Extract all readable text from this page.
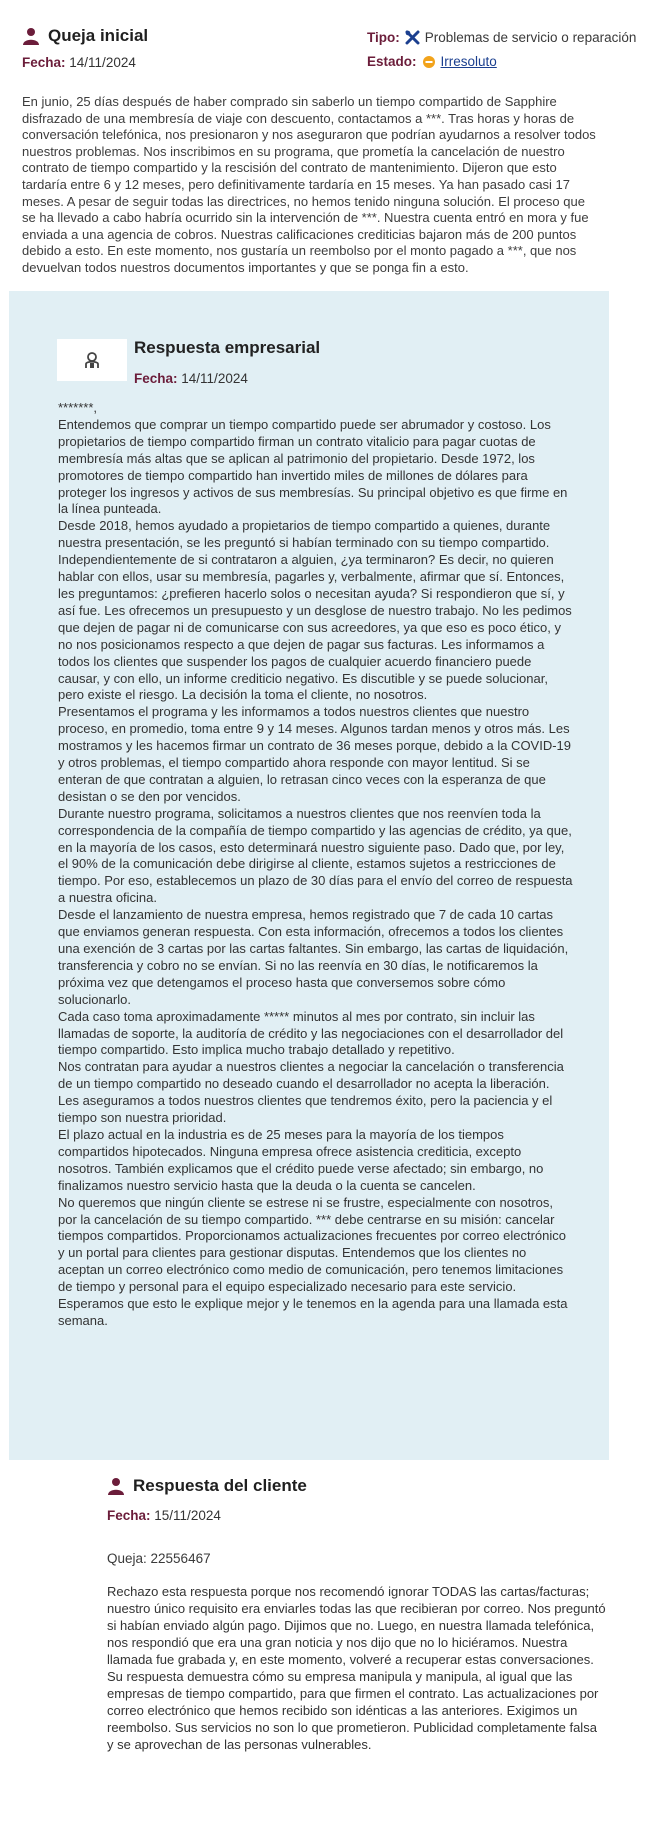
Queja inicial
Fecha: 14/11/2024
Tipo: Problemas de servicio o reparación
Estado: Irresoluto
En junio, 25 días después de haber comprado sin saberlo un tiempo compartido de Sapphire disfrazado de una membresía de viaje con descuento, contactamos a ***. Tras horas y horas de conversación telefónica, nos presionaron y nos aseguraron que podrían ayudarnos a resolver todos nuestros problemas. Nos inscribimos en su programa, que prometía la cancelación de nuestro contrato de tiempo compartido y la rescisión del contrato de mantenimiento. Dijeron que esto tardaría entre 6 y 12 meses, pero definitivamente tardaría en 15 meses. Ya han pasado casi 17 meses. A pesar de seguir todas las directrices, no hemos tenido ninguna solución. El proceso que se ha llevado a cabo habría ocurrido sin la intervención de ***. Nuestra cuenta entró en mora y fue enviada a una agencia de cobros. Nuestras calificaciones crediticias bajaron más de 200 puntos debido a esto. En este momento, nos gustaría un reembolso por el monto pagado a ***, que nos devuelvan todos nuestros documentos importantes y que se ponga fin a esto.
Respuesta empresarial
Fecha: 14/11/2024

*******,

Entendemos que comprar un tiempo compartido puede ser abrumador y costoso. Los propietarios de tiempo compartido firman un contrato vitalicio para pagar cuotas de membresía más altas que se aplican al patrimonio del propietario. Desde 1972, los promotores de tiempo compartido han invertido miles de millones de dólares para proteger los ingresos y activos de sus membresías. Su principal objetivo es que firme en la línea punteada.

Desde 2018, hemos ayudado a propietarios de tiempo compartido a quienes, durante nuestra presentación, se les preguntó si habían terminado con su tiempo compartido. Independientemente de si contrataron a alguien, ¿ya terminaron? Es decir, no quieren hablar con ellos, usar su membresía, pagarles y, verbalmente, afirmar que sí. Entonces, les preguntamos: ¿prefieren hacerlo solos o necesitan ayuda? Si respondieron que sí, y así fue. Les ofrecemos un presupuesto y un desglose de nuestro trabajo. No les pedimos que dejen de pagar ni de comunicarse con sus acreedores, ya que eso es poco ético, y no nos posicionamos respecto a que dejen de pagar sus facturas. Les informamos a todos los clientes que suspender los pagos de cualquier acuerdo financiero puede causar, y con ello, un informe crediticio negativo. Es discutible y se puede solucionar, pero existe el riesgo. La decisión la toma el cliente, no nosotros.

Presentamos el programa y les informamos a todos nuestros clientes que nuestro proceso, en promedio, toma entre 9 y 14 meses. Algunos tardan menos y otros más. Les mostramos y les hacemos firmar un contrato de 36 meses porque, debido a la COVID-19 y otros problemas, el tiempo compartido ahora responde con mayor lentitud. Si se enteran de que contratan a alguien, lo retrasan cinco veces con la esperanza de que desistan o se den por vencidos.

Durante nuestro programa, solicitamos a nuestros clientes que nos reenvíen toda la correspondencia de la compañía de tiempo compartido y las agencias de crédito, ya que, en la mayoría de los casos, esto determinará nuestro siguiente paso. Dado que, por ley, el 90% de la comunicación debe dirigirse al cliente, estamos sujetos a restricciones de tiempo. Por eso, establecemos un plazo de 30 días para el envío del correo de respuesta a nuestra oficina.

Desde el lanzamiento de nuestra empresa, hemos registrado que 7 de cada 10 cartas que enviamos generan respuesta. Con esta información, ofrecemos a todos los clientes una exención de 3 cartas por las cartas faltantes. Sin embargo, las cartas de liquidación, transferencia y cobro no se envían. Si no las reenvía en 30 días, le notificaremos la próxima vez que detengamos el proceso hasta que conversemos sobre cómo solucionarlo.

Cada caso toma aproximadamente ***** minutos al mes por contrato, sin incluir las llamadas de soporte, la auditoría de crédito y las negociaciones con el desarrollador del tiempo compartido. Esto implica mucho trabajo detallado y repetitivo.

Nos contratan para ayudar a nuestros clientes a negociar la cancelación o transferencia de un tiempo compartido no deseado cuando el desarrollador no acepta la liberación. Les aseguramos a todos nuestros clientes que tendremos éxito, pero la paciencia y el tiempo son nuestra prioridad.

El plazo actual en la industria es de 25 meses para la mayoría de los tiempos compartidos hipotecados. Ninguna empresa ofrece asistencia crediticia, excepto nosotros. También explicamos que el crédito puede verse afectado; sin embargo, no finalizamos nuestro servicio hasta que la deuda o la cuenta se cancelen.

No queremos que ningún cliente se estrese ni se frustre, especialmente con nosotros, por la cancelación de su tiempo compartido. *** debe centrarse en su misión: cancelar tiempos compartidos. Proporcionamos actualizaciones frecuentes por correo electrónico y un portal para clientes para gestionar disputas. Entendemos que los clientes no aceptan un correo electrónico como medio de comunicación, pero tenemos limitaciones de tiempo y personal para el equipo especializado necesario para este servicio.

Esperamos que esto le explique mejor y le tenemos en la agenda para una llamada esta semana.

Respuesta del cliente
Fecha: 15/11/2024
Queja: 22556467
Rechazo esta respuesta porque nos recomendó ignorar TODAS las cartas/facturas; nuestro único requisito era enviarles todas las que recibieran por correo. Nos preguntó si habían enviado algún pago. Dijimos que no. Luego, en nuestra llamada telefónica, nos respondió que era una gran noticia y nos dijo que no lo hiciéramos. Nuestra llamada fue grabada y, en este momento, volveré a recuperar estas conversaciones. Su respuesta demuestra cómo su empresa manipula y manipula, al igual que las empresas de tiempo compartido, para que firmen el contrato. Las actualizaciones por correo electrónico que hemos recibido son idénticas a las anteriores. Exigimos un reembolso. Sus servicios no son lo que prometieron. Publicidad completamente falsa y se aprovechan de las personas vulnerables.
